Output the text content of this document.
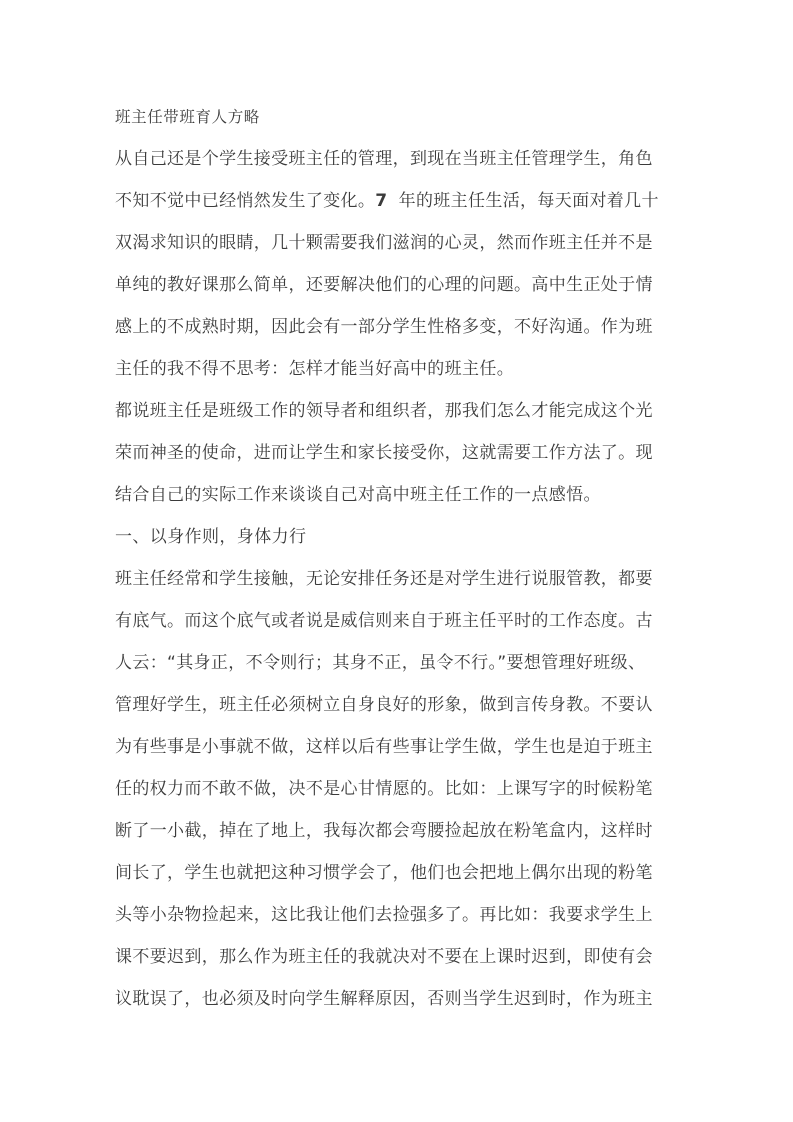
班主任带班育人方略
从自己还是个学生接受班主任的管理，到现在当班主任管理学生，角色
不知不觉中已经悄然发生了变化。7  年的班主任生活，每天面对着几十
双渴求知识的眼睛，几十颗需要我们滋润的心灵，然而作班主任并不是
单纯的教好课那么简单，还要解决他们的心理的问题。高中生正处于情
感上的不成熟时期，因此会有一部分学生性格多变，不好沟通。作为班
主任的我不得不思考：怎样才能当好高中的班主任。
都说班主任是班级工作的领导者和组织者，那我们怎么才能完成这个光
荣而神圣的使命，进而让学生和家长接受你，这就需要工作方法了。现
结合自己的实际工作来谈谈自己对高中班主任工作的一点感悟。
一、以身作则，身体力行
班主任经常和学生接触，无论安排任务还是对学生进行说服管教，都要
有底气。而这个底气或者说是威信则来自于班主任平时的工作态度。古
人云：“其身正，不令则行；其身不正，虽令不行。”要想管理好班级、
管理好学生，班主任必须树立自身良好的形象，做到言传身教。不要认
为有些事是小事就不做，这样以后有些事让学生做，学生也是迫于班主
任的权力而不敢不做，决不是心甘情愿的。比如：上课写字的时候粉笔
断了一小截，掉在了地上，我每次都会弯腰捡起放在粉笔盒内，这样时
间长了，学生也就把这种习惯学会了，他们也会把地上偶尔出现的粉笔
头等小杂物捡起来，这比我让他们去捡强多了。再比如：我要求学生上
课不要迟到，那么作为班主任的我就决对不要在上课时迟到，即使有会
议耽误了，也必须及时向学生解释原因，否则当学生迟到时，作为班主
